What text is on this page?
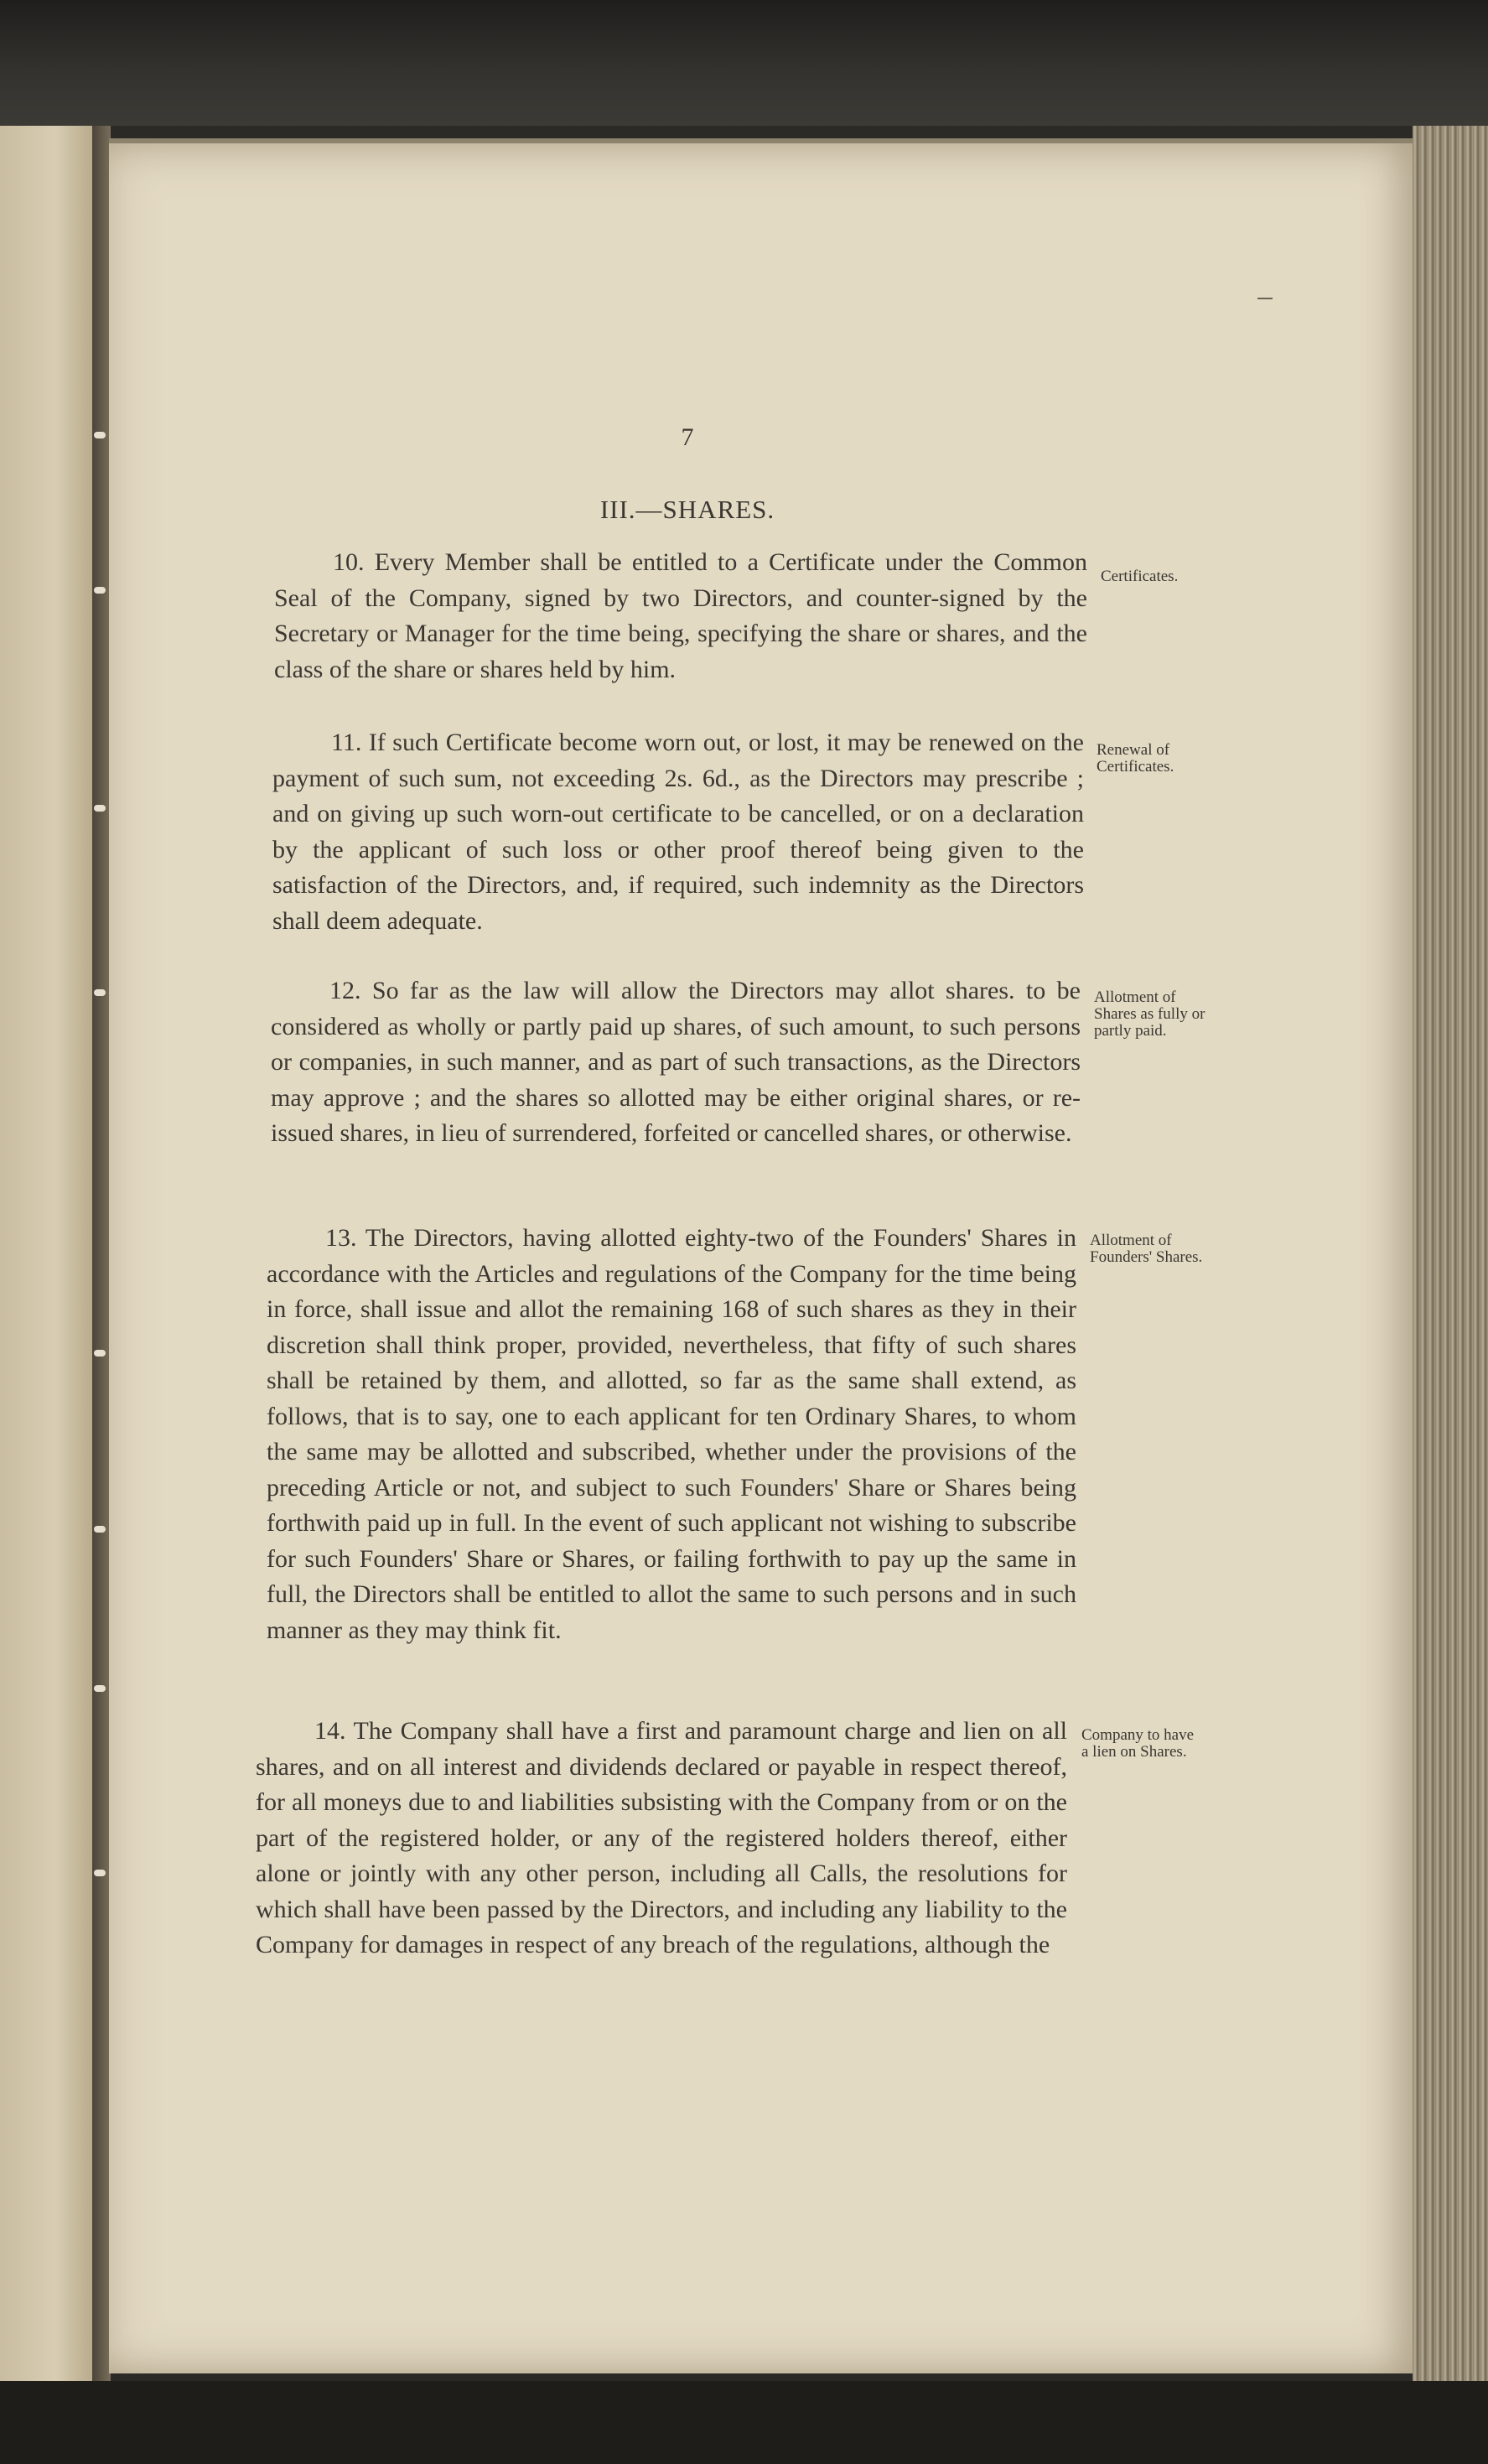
7
III.—SHARES.
10. Every Member shall be entitled to a Certificate under the Common Seal of the Company, signed by two Directors, and counter-signed by the Secretary or Manager for the time being, specifying the share or shares, and the class of the share or shares held by him.
Certificates.
11. If such Certificate become worn out, or lost, it may be renewed on the payment of such sum, not exceeding 2s. 6d., as the Directors may prescribe ; and on giving up such worn-out certificate to be cancelled, or on a declaration by the applicant of such loss or other proof thereof being given to the satisfaction of the Directors, and, if required, such indemnity as the Directors shall deem adequate.
Renewal of Certificates.
12. So far as the law will allow the Directors may allot shares. to be considered as wholly or partly paid up shares, of such amount, to such persons or companies, in such manner, and as part of such transactions, as the Directors may approve ; and the shares so allotted may be either original shares, or re-issued shares, in lieu of surrendered, forfeited or cancelled shares, or otherwise.
Allotment of Shares as fully or partly paid.
13. The Directors, having allotted eighty-two of the Founders' Shares in accordance with the Articles and regulations of the Company for the time being in force, shall issue and allot the remaining 168 of such shares as they in their discretion shall think proper, provided, nevertheless, that fifty of such shares shall be retained by them, and allotted, so far as the same shall extend, as follows, that is to say, one to each applicant for ten Ordinary Shares, to whom the same may be allotted and subscribed, whether under the provisions of the preceding Article or not, and subject to such Founders' Share or Shares being forthwith paid up in full. In the event of such applicant not wishing to subscribe for such Founders' Share or Shares, or failing forthwith to pay up the same in full, the Directors shall be entitled to allot the same to such persons and in such manner as they may think fit.
Allotment of Founders' Shares.
14. The Company shall have a first and paramount charge and lien on all shares, and on all interest and dividends declared or payable in respect thereof, for all moneys due to and liabilities subsisting with the Company from or on the part of the registered holder, or any of the registered holders thereof, either alone or jointly with any other person, including all Calls, the resolutions for which shall have been passed by the Directors, and including any liability to the Company for damages in respect of any breach of the regulations, although the
Company to have a lien on Shares.
